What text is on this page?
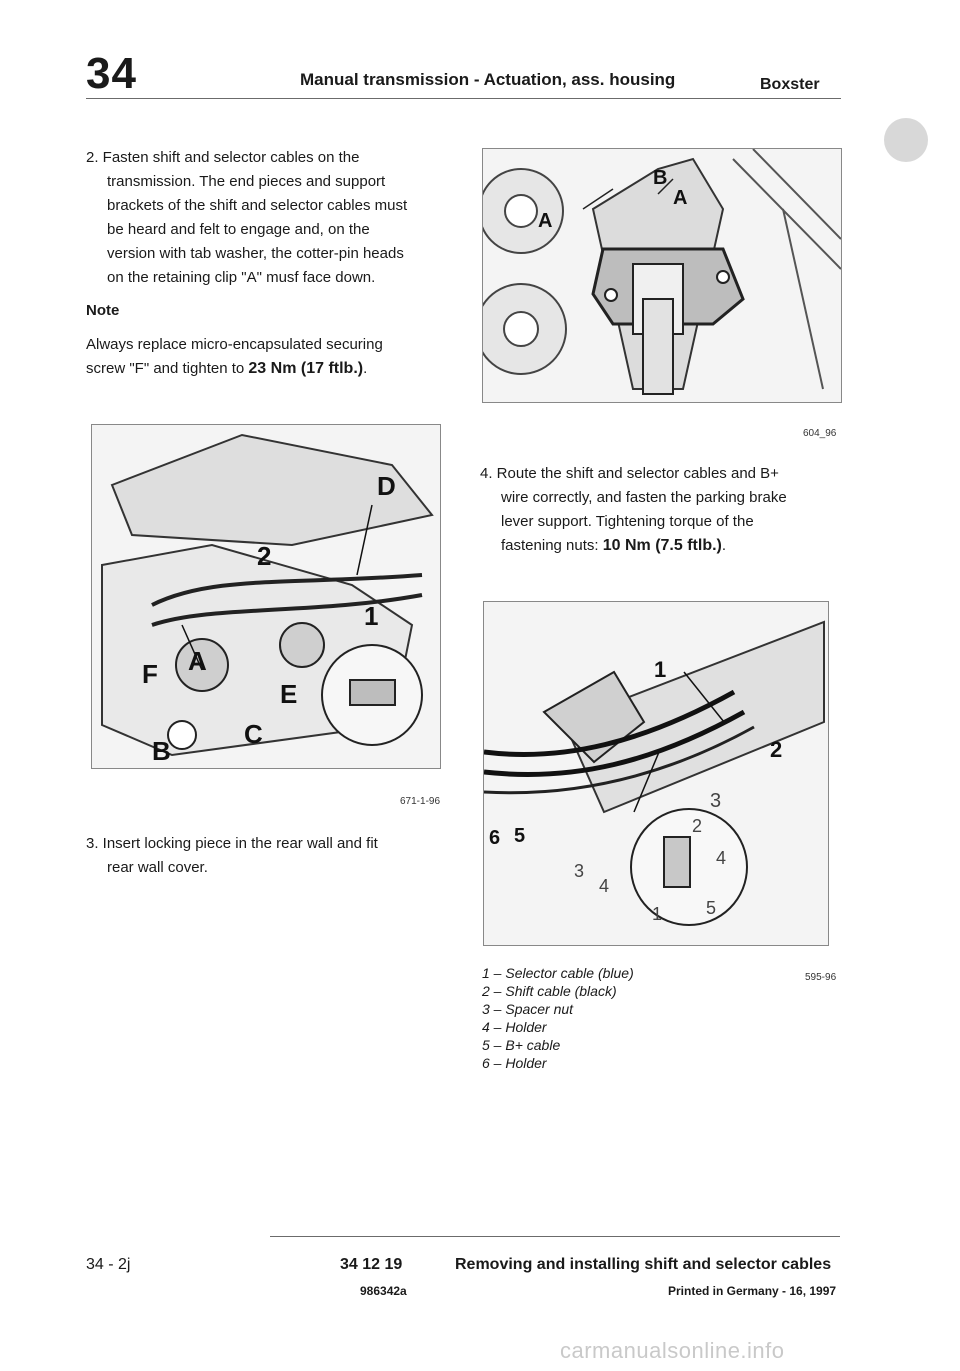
34	Manual transmission - Actuation, ass. housing	Boxster
2. Fasten shift and selector cables on the
transmission. The end pieces and support
brackets of the shift and selector cables must
be heard and felt to engage and, on the
version with tab washer, the cotter-pin heads
on the retaining clip "A" musf face down.
Note
Always replace micro-encapsulated securing
screw "F" and tighten to 23 Nm (17 ftlb.).
B
A
A
604_96
D
2
1
F A
E
C
B
671-1-96
4. Route the shift and selector cables and B+
wire correctly, and fasten the parking brake
lever support. Tightening torque of the
fastening nuts: 10 Nm (7.5 ftlb.).
1
2
3
6 5
3
4
2
4
1 5
595-96
3. Insert locking piece in the rear wall and fit
rear wall cover.
1 – Selector cable (blue)
2 – Shift cable (black)
3 – Spacer nut
4 – Holder
5 – B+ cable
6 – Holder
34 - 2j	34 12 19	Removing and installing shift and selector cables
986342a	Printed in Germany - 16, 1997
carmanualsonline.info
